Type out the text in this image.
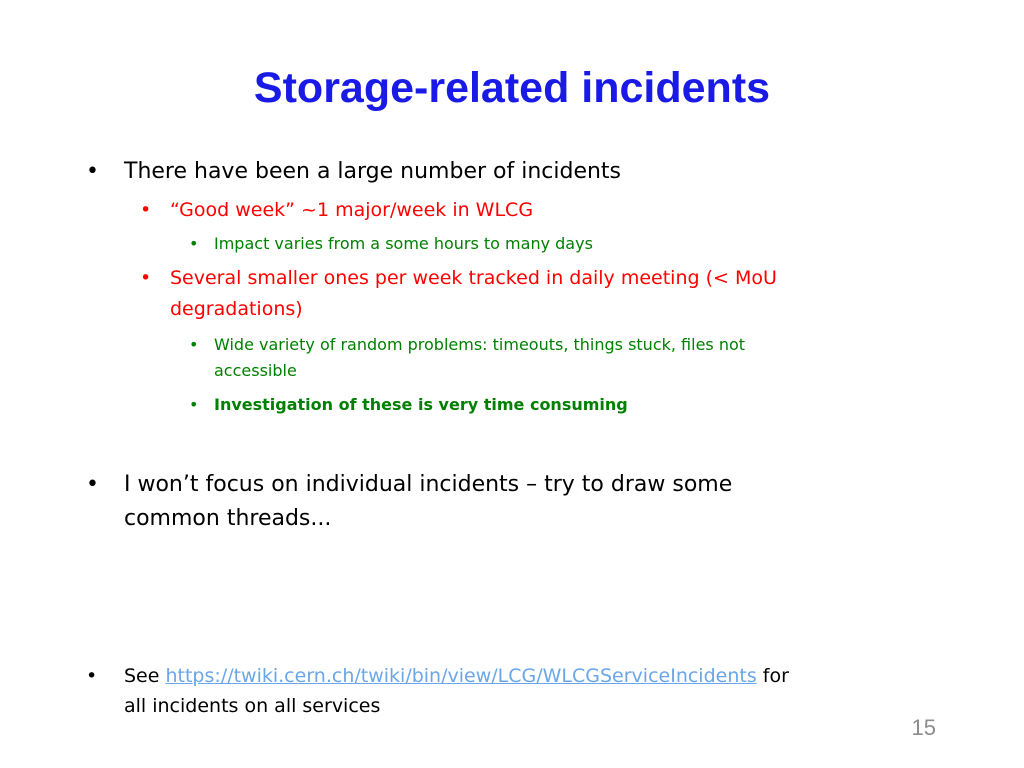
Storage-related incidents
• There have been a large number of incidents
• “Good week” ~1 major/week in WLCG
• Impact varies from a some hours to many days
• Several smaller ones per week tracked in daily meeting (< MoU
degradations)
• Wide variety of random problems: timeouts, things stuck, files not
accessible
• Investigation of these is very time consuming
• I won’t focus on individual incidents – try to draw some
common threads...
•	See https://twiki.cern.ch/twiki/bin/view/LCG/WLCGServiceIncidents for
all incidents on all services
15
